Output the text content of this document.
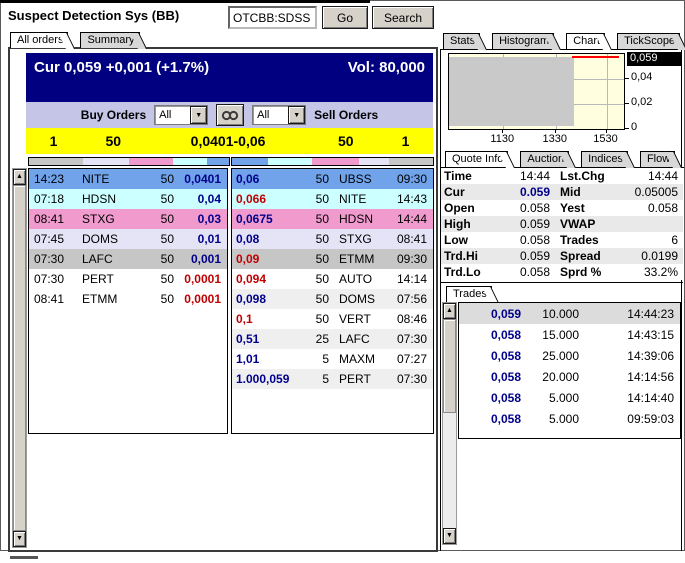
Suspect Detection Sys (BB)
OTCBB:SDSS	Go	Search
All orders	Summary
Cur 0,059 +0,001 (+1.7%)	Vol: 80,000
Buy Orders	All	▼	All	▼	Sell Orders
1	50	0,0401 -0,06	50	1
▲
▼
14:23	NITE	50 0,0401
07:18	HDSN	50	0,04
08:41	STXG	50	0,03
07:45	DOMS	50	0,01
07:30	LAFC	50	0,001
07:30	PERT	50 0,0001
08:41	ETMM	50 0,0001
0,06	50 UBSS	09:30
0,066	50 NITE	14:43
0,0675	50 HDSN	14:44
0,08	50 STXG	08:41
0,09	50 ETMM	09:30
0,094	50 AUTO	14:14
0,098	50 DOMS	07:56
0,1	50 VERT	08:46
0,51	25 LAFC	07:30
1,01	5 MAXM	07:27
1.000,059	5 PERT	07:30
Stats	Histogram	Chart	TickScope
0
0,02
0,04
0,059
1130	1330 1530
Quote Info	Auction	Indices	Flow
Time	14:44 Lst.Chg	14:44
Cur	0.059 Mid	0.05005
Open	0.058 Yest	0.058
High	0.059 VWAP
Low	0.058 Trades	6
Trd.Hi	0.059 Spread	0.0199
Trd.Lo	0.058 Sprd %	33.2%
Trades
▲
▼
0,059	10.000	14:44:23
0,058	15.000	14:43:15
0,058	25.000	14:39:06
0,058	20.000	14:14:56
0,058	5.000	14:14:40
0,058	5.000	09:59:03
